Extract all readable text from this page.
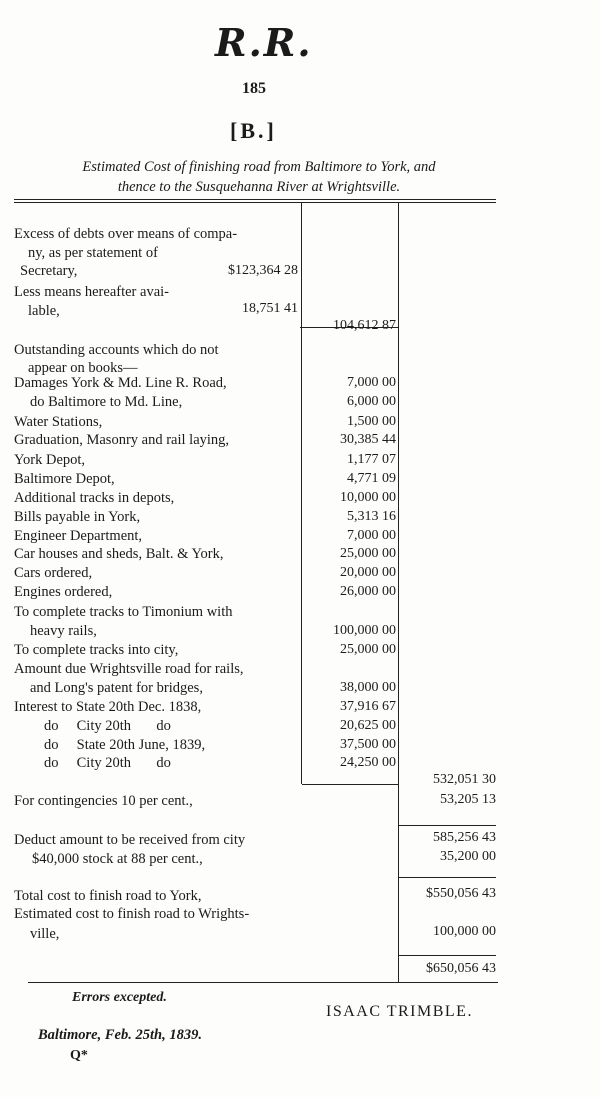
R.R.
185
[B.]
Estimated Cost of finishing road from Baltimore to York, and
thence to the Susquehanna River at Wrightsville.
Excess of debts over means of compa-
ny, as per statement of
Secretary,	$123,364 28
Less means hereafter avai-
lable,	18,751 41
104,612 87
Outstanding accounts which do not
appear on books—
Damages York & Md. Line R. Road,	7,000 00
do Baltimore to Md. Line,	6,000 00
Water Stations,	1,500 00
Graduation, Masonry and rail laying,	30,385 44
York Depot,	1,177 07
Baltimore Depot,	4,771 09
Additional tracks in depots,	10,000 00
Bills payable in York,	5,313 16
Engineer Department,	7,000 00
Car houses and sheds, Balt. & York,	25,000 00
Cars ordered,	20,000 00
Engines ordered,	26,000 00
To complete tracks to Timonium with
heavy rails,	100,000 00
To complete tracks into city,	25,000 00
Amount due Wrightsville road for rails,
and Long's patent for bridges,	38,000 00
Interest to State 20th Dec. 1838,	37,916 67
do     City 20th       do	20,625 00
do     State 20th June, 1839,	37,500 00
do     City 20th       do	24,250 00
532,051 30
For contingencies 10 per cent.,	53,205 13
585,256 43
Deduct amount to be received from city
$40,000 stock at 88 per cent.,	35,200 00
Total cost to finish road to York,	$550,056 43
Estimated cost to finish road to Wrights-
ville,	100,000 00
$650,056 43
Errors excepted.
ISAAC TRIMBLE.
Baltimore, Feb. 25th, 1839.
Q*
